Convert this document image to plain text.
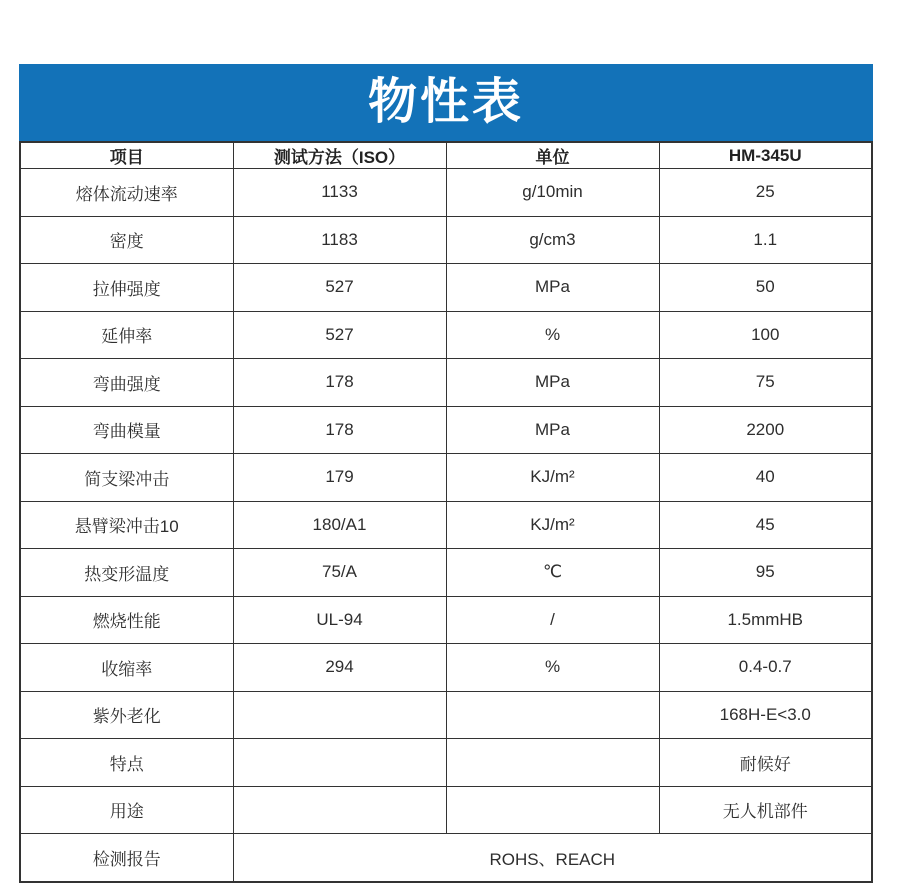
物性表
项目	测试方法（ISO）	单位	HM-345U
熔体流动速率	1133	g/10min	25
密度	1183	g/cm3	1.1
拉伸强度	527	MPa	50
延伸率	527	%	100
弯曲强度	178	MPa	75
弯曲模量	178	MPa	2200
简支梁冲击	179	KJ/m²	40
悬臂梁冲击10	180/A1	KJ/m²	45
热变形温度	75/A	℃	95
燃烧性能	UL-94	/	1.5mmHB
收缩率	294	%	0.4-0.7
紫外老化			168H-E<3.0
特点			耐候好
用途			无人机部件
检测报告	ROHS、REACH		
